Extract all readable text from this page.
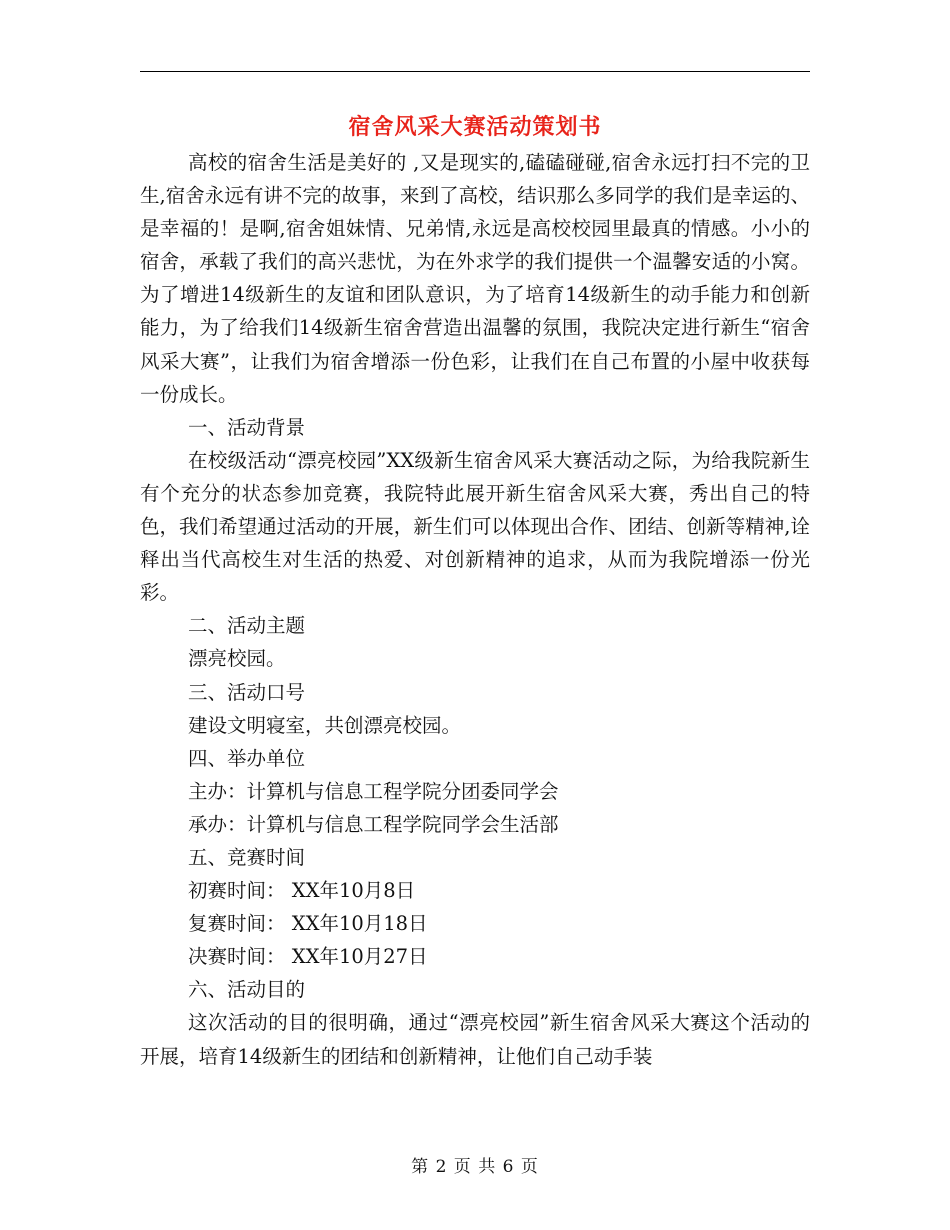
宿舍风采大赛活动策划书

高校的宿舍生活是美好的 ,又是现实的,磕磕碰碰,宿舍永远打扫不完的卫生,宿舍永远有讲不完的故事，来到了高校，结识那么多同学的我们是幸运的、是幸福的！是啊,宿舍姐妹情、兄弟情,永远是高校校园里最真的情感。小小的宿舍，承载了我们的高兴悲忧，为在外求学的我们提供一个温馨安适的小窝。为了增进14级新生的友谊和团队意识，为了培育14级新生的动手能力和创新能力，为了给我们14级新生宿舍营造出温馨的氛围，我院决定进行新生“宿舍风采大赛”，让我们为宿舍增添一份色彩，让我们在自己布置的小屋中收获每一份成长。

一、活动背景

在校级活动“漂亮校园”XX级新生宿舍风采大赛活动之际，为给我院新生有个充分的状态参加竞赛，我院特此展开新生宿舍风采大赛，秀出自己的特色，我们希望通过活动的开展，新生们可以体现出合作、团结、创新等精神,诠释出当代高校生对生活的热爱、对创新精神的追求，从而为我院增添一份光彩。

二、活动主题

漂亮校园。

三、活动口号

建设文明寝室，共创漂亮校园。

四、举办单位

主办：计算机与信息工程学院分团委同学会

承办：计算机与信息工程学院同学会生活部

五、竞赛时间

初赛时间： XX年10月8日

复赛时间： XX年10月18日

决赛时间： XX年10月27日

六、活动目的

这次活动的目的很明确，通过“漂亮校园”新生宿舍风采大赛这个活动的开展，培育14级新生的团结和创新精神，让他们自己动手装

第 2 页 共 6 页
